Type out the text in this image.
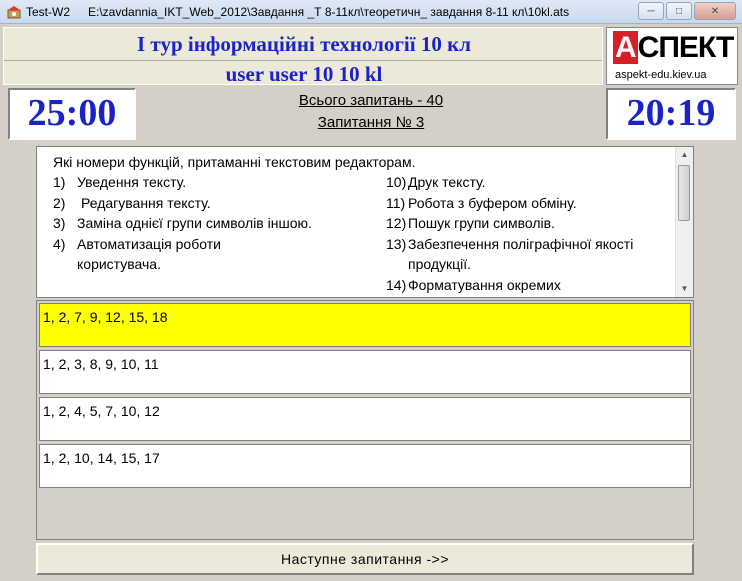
Test-W2 E:\zavdannia_IKT_Web_2012\Завдання _Т 8-11кл\теоретичн_ завдання 8-11 кл\10kl.ats	─ □	✕
І тур інформаційні технології 10 кл
user user 10 10 kl
АСПЕКТ
aspekt-edu.kiev.ua
25:00	Всього запитань - 40
Запитання № 3	20:19
Які номери функцій, притаманні текстовим редакторам.
1) Уведення тексту.
2)	Редагування тексту.
3) Заміна однієї групи символів іншою.
4) Автоматизація роботи користувача.
10) Друк тексту.
11) Робота з буфером обміну.
12) Пошук групи символів.
13) Забезпечення поліграфічної якості продукції.
14) Форматування окремих
▲
▼
1, 2, 7, 9, 12, 15, 18
1, 2, 3, 8, 9, 10, 11
1, 2, 4, 5, 7, 10, 12
1, 2, 10, 14, 15, 17
Наступне запитання ->>
